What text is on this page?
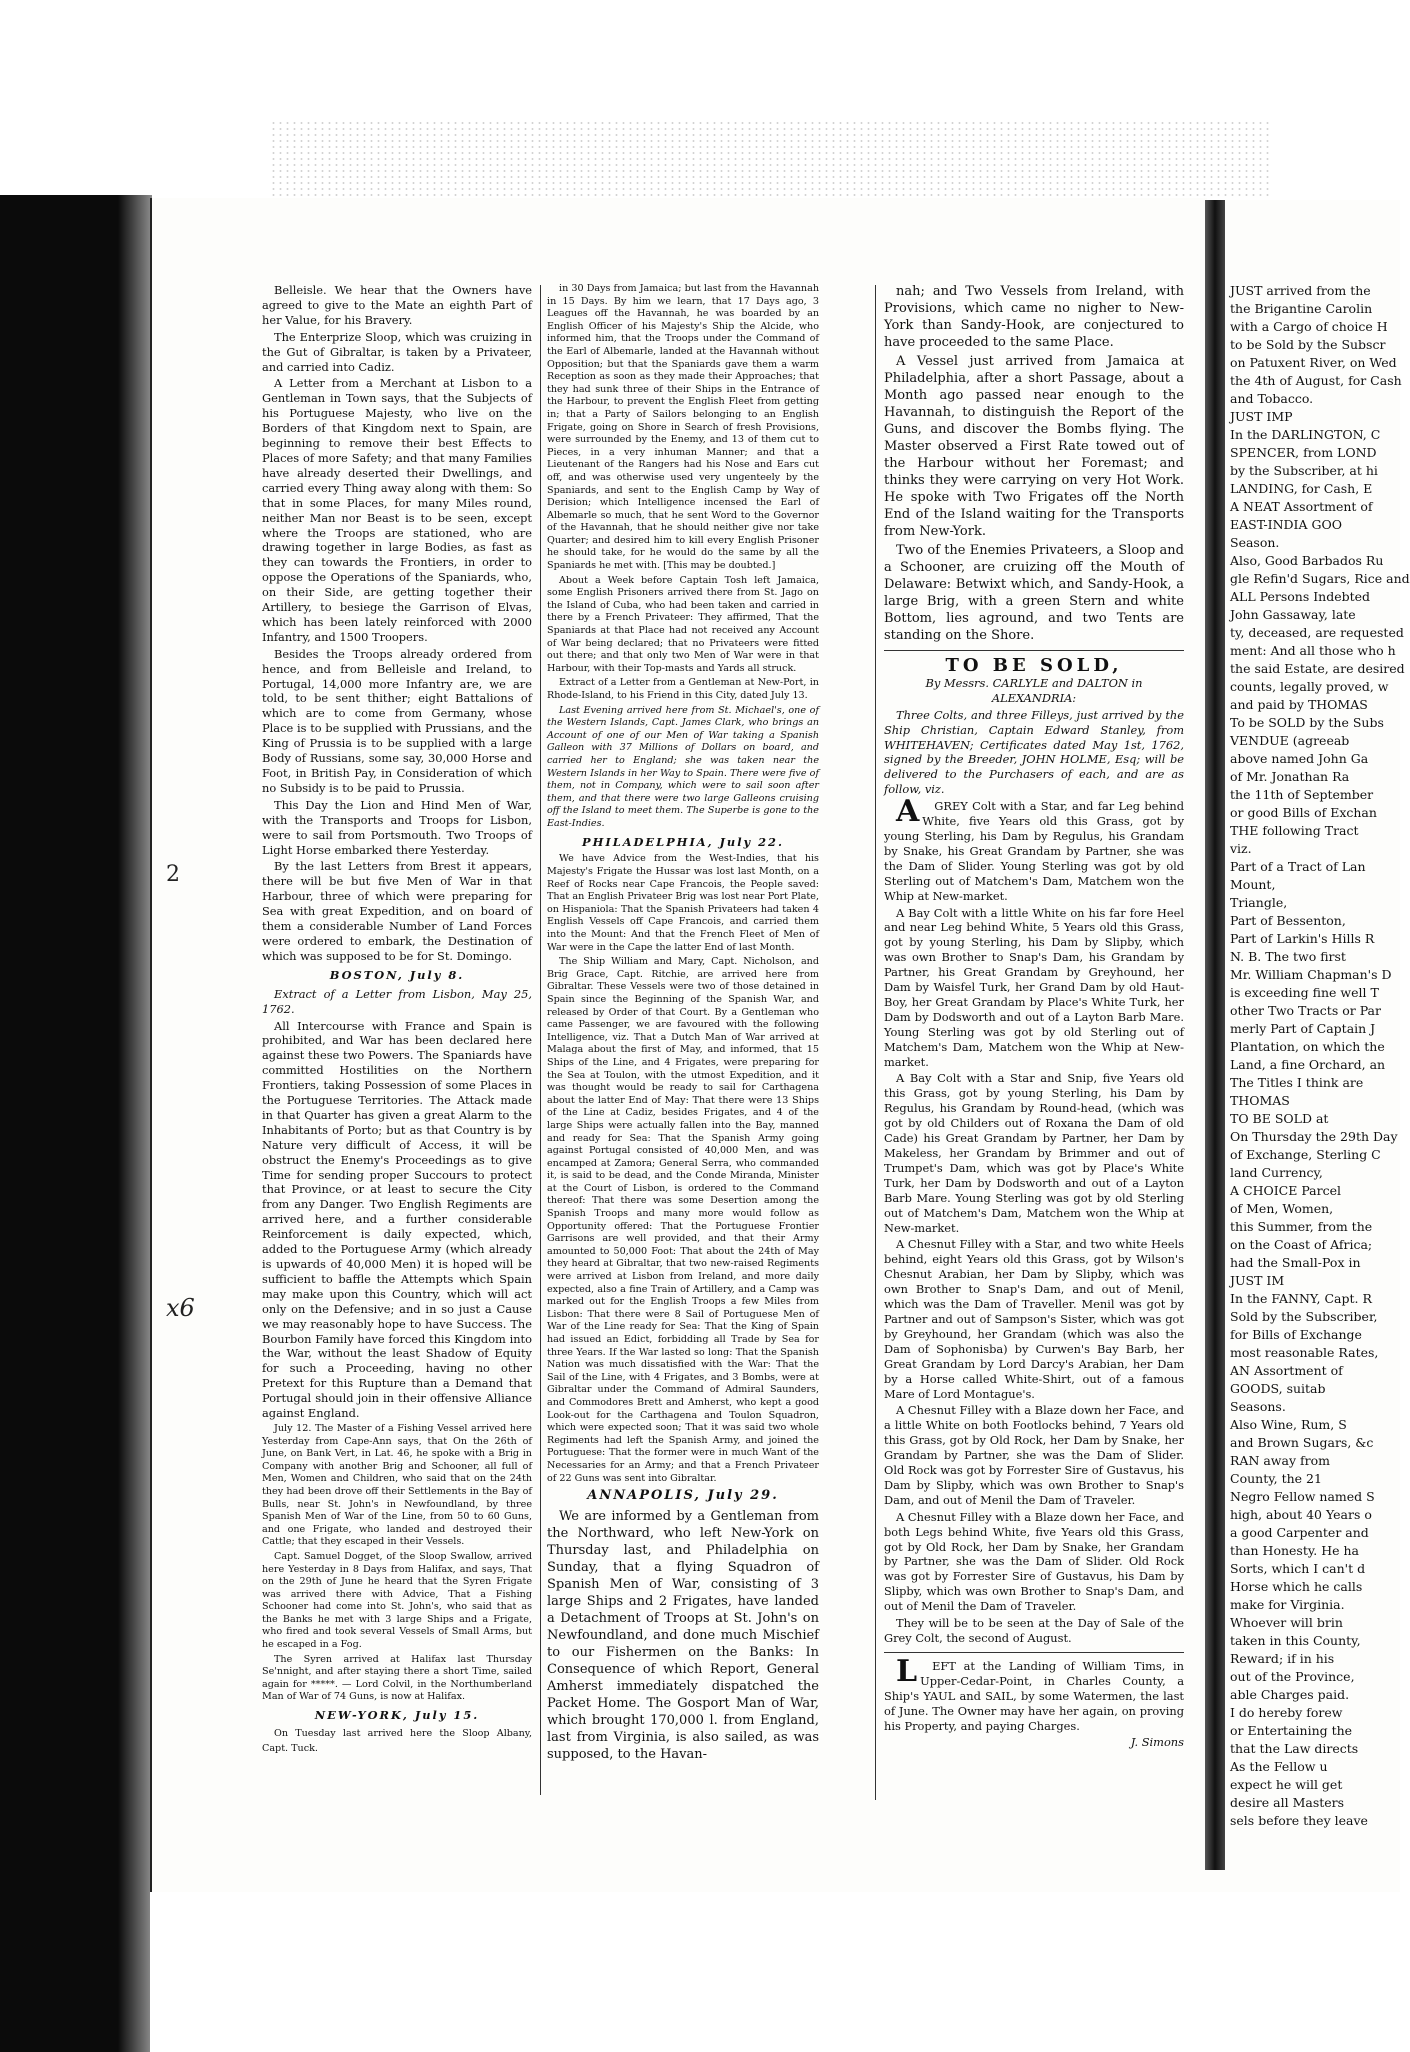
2
x6

Belleisle. We hear that the Owners have agreed to give to the Mate an eighth Part of her Value, for his Bravery.

The Enterprize Sloop, which was cruizing in the Gut of Gibraltar, is taken by a Privateer, and carried into Cadiz.

A Letter from a Merchant at Lisbon to a Gentleman in Town says, that the Subjects of his Portuguese Majesty, who live on the Borders of that Kingdom next to Spain, are beginning to remove their best Effects to Places of more Safety; and that many Families have already deserted their Dwellings, and carried every Thing away along with them: So that in some Places, for many Miles round, neither Man nor Beast is to be seen, except where the Troops are stationed, who are drawing together in large Bodies, as fast as they can towards the Frontiers, in order to oppose the Operations of the Spaniards, who, on their Side, are getting together their Artillery, to besiege the Garrison of Elvas, which has been lately reinforced with 2000 Infantry, and 1500 Troopers.

Besides the Troops already ordered from hence, and from Belleisle and Ireland, to Portugal, 14,000 more Infantry are, we are told, to be sent thither; eight Battalions of which are to come from Germany, whose Place is to be supplied with Prussians, and the King of Prussia is to be supplied with a large Body of Russians, some say, 30,000 Horse and Foot, in British Pay, in Consideration of which no Subsidy is to be paid to Prussia.

This Day the Lion and Hind Men of War, with the Transports and Troops for Lisbon, were to sail from Portsmouth. Two Troops of Light Horse embarked there Yesterday.

By the last Letters from Brest it appears, there will be but five Men of War in that Harbour, three of which were preparing for Sea with great Expedition, and on board of them a considerable Number of Land Forces were ordered to embark, the Destination of which was supposed to be for St. Domingo.

BOSTON, July 8.

Extract of a Letter from Lisbon, May 25, 1762.

All Intercourse with France and Spain is prohibited, and War has been declared here against these two Powers. The Spaniards have committed Hostilities on the Northern Frontiers, taking Possession of some Places in the Portuguese Territories. The Attack made in that Quarter has given a great Alarm to the Inhabitants of Porto; but as that Country is by Nature very difficult of Access, it will be obstruct the Enemy's Proceedings as to give Time for sending proper Succours to protect that Province, or at least to secure the City from any Danger. Two English Regiments are arrived here, and a further considerable Reinforcement is daily expected, which, added to the Portuguese Army (which already is upwards of 40,000 Men) it is hoped will be sufficient to baffle the Attempts which Spain may make upon this Country, which will act only on the Defensive; and in so just a Cause we may reasonably hope to have Success. The Bourbon Family have forced this Kingdom into the War, without the least Shadow of Equity for such a Proceeding, having no other Pretext for this Rupture than a Demand that Portugal should join in their offensive Alliance against England.

July 12. The Master of a Fishing Vessel arrived here Yesterday from Cape-Ann says, that On the 26th of June, on Bank Vert, in Lat. 46, he spoke with a Brig in Company with another Brig and Schooner, all full of Men, Women and Children, who said that on the 24th they had been drove off their Settlements in the Bay of Bulls, near St. John's in Newfoundland, by three Spanish Men of War of the Line, from 50 to 60 Guns, and one Frigate, who landed and destroyed their Cattle; that they escaped in their Vessels.

Capt. Samuel Dogget, of the Sloop Swallow, arrived here Yesterday in 8 Days from Halifax, and says, That on the 29th of June he heard that the Syren Frigate was arrived there with Advice, That a Fishing Schooner had come into St. John's, who said that as the Banks he met with 3 large Ships and a Frigate, who fired and took several Vessels of Small Arms, but he escaped in a Fog.

The Syren arrived at Halifax last Thursday Se'nnight, and after staying there a short Time, sailed again for *****. — Lord Colvil, in the Northumberland Man of War of 74 Guns, is now at Halifax.

NEW-YORK, July 15.

On Tuesday last arrived here the Sloop Albany, Capt. Tuck.

in 30 Days from Jamaica; but last from the Havannah in 15 Days. By him we learn, that 17 Days ago, 3 Leagues off the Havannah, he was boarded by an English Officer of his Majesty's Ship the Alcide, who informed him, that the Troops under the Command of the Earl of Albemarle, landed at the Havannah without Opposition; but that the Spaniards gave them a warm Reception as soon as they made their Approaches; that they had sunk three of their Ships in the Entrance of the Harbour, to prevent the English Fleet from getting in; that a Party of Sailors belonging to an English Frigate, going on Shore in Search of fresh Provisions, were surrounded by the Enemy, and 13 of them cut to Pieces, in a very inhuman Manner; and that a Lieutenant of the Rangers had his Nose and Ears cut off, and was otherwise used very ungenteely by the Spaniards, and sent to the English Camp by Way of Derision; which Intelligence incensed the Earl of Albemarle so much, that he sent Word to the Governor of the Havannah, that he should neither give nor take Quarter; and desired him to kill every English Prisoner he should take, for he would do the same by all the Spaniards he met with. [This may be doubted.]

About a Week before Captain Tosh left Jamaica, some English Prisoners arrived there from St. Jago on the Island of Cuba, who had been taken and carried in there by a French Privateer: They affirmed, That the Spaniards at that Place had not received any Account of War being declared; that no Privateers were fitted out there; and that only two Men of War were in that Harbour, with their Top-masts and Yards all struck.

Extract of a Letter from a Gentleman at New-Port, in Rhode-Island, to his Friend in this City, dated July 13.

Last Evening arrived here from St. Michael's, one of the Western Islands, Capt. James Clark, who brings an Account of one of our Men of War taking a Spanish Galleon with 37 Millions of Dollars on board, and carried her to England; she was taken near the Western Islands in her Way to Spain. There were five of them, not in Company, which were to sail soon after them, and that there were two large Galleons cruising off the Island to meet them. The Superbe is gone to the East-Indies.

PHILADELPHIA, July 22.

We have Advice from the West-Indies, that his Majesty's Frigate the Hussar was lost last Month, on a Reef of Rocks near Cape Francois, the People saved: That an English Privateer Brig was lost near Port Plate, on Hispaniola: That the Spanish Privateers had taken 4 English Vessels off Cape Francois, and carried them into the Mount: And that the French Fleet of Men of War were in the Cape the latter End of last Month.

The Ship William and Mary, Capt. Nicholson, and Brig Grace, Capt. Ritchie, are arrived here from Gibraltar. These Vessels were two of those detained in Spain since the Beginning of the Spanish War, and released by Order of that Court. By a Gentleman who came Passenger, we are favoured with the following Intelligence, viz. That a Dutch Man of War arrived at Malaga about the first of May, and informed, that 15 Ships of the Line, and 4 Frigates, were preparing for the Sea at Toulon, with the utmost Expedition, and it was thought would be ready to sail for Carthagena about the latter End of May: That there were 13 Ships of the Line at Cadiz, besides Frigates, and 4 of the large Ships were actually fallen into the Bay, manned and ready for Sea: That the Spanish Army going against Portugal consisted of 40,000 Men, and was encamped at Zamora; General Serra, who commanded it, is said to be dead, and the Conde Miranda, Minister at the Court of Lisbon, is ordered to the Command thereof: That there was some Desertion among the Spanish Troops and many more would follow as Opportunity offered: That the Portuguese Frontier Garrisons are well provided, and that their Army amounted to 50,000 Foot: That about the 24th of May they heard at Gibraltar, that two new-raised Regiments were arrived at Lisbon from Ireland, and more daily expected, also a fine Train of Artillery, and a Camp was marked out for the English Troops a few Miles from Lisbon: That there were 8 Sail of Portuguese Men of War of the Line ready for Sea: That the King of Spain had issued an Edict, forbidding all Trade by Sea for three Years. If the War lasted so long: That the Spanish Nation was much dissatisfied with the War: That the Sail of the Line, with 4 Frigates, and 3 Bombs, were at Gibraltar under the Command of Admiral Saunders, and Commodores Brett and Amherst, who kept a good Look-out for the Carthagena and Toulon Squadron, which were expected soon; That it was said two whole Regiments had left the Spanish Army, and joined the Portuguese: That the former were in much Want of the Necessaries for an Army; and that a French Privateer of 22 Guns was sent into Gibraltar.

ANNAPOLIS, July 29.

We are informed by a Gentleman from the Northward, who left New-York on Thursday last, and Philadelphia on Sunday, that a flying Squadron of Spanish Men of War, consisting of 3 large Ships and 2 Frigates, have landed a Detachment of Troops at St. John's on Newfoundland, and done much Mischief to our Fishermen on the Banks: In Consequence of which Report, General Amherst immediately dispatched the Packet Home. The Gosport Man of War, which brought 170,000 l. from England, last from Virginia, is also sailed, as was supposed, to the Havan-

nah; and Two Vessels from Ireland, with Provisions, which came no nigher to New-York than Sandy-Hook, are conjectured to have proceeded to the same Place.

A Vessel just arrived from Jamaica at Philadelphia, after a short Passage, about a Month ago passed near enough to the Havannah, to distinguish the Report of the Guns, and discover the Bombs flying. The Master observed a First Rate towed out of the Harbour without her Foremast; and thinks they were carrying on very Hot Work. He spoke with Two Frigates off the North End of the Island waiting for the Transports from New-York.

Two of the Enemies Privateers, a Sloop and a Schooner, are cruizing off the Mouth of Delaware: Betwixt which, and Sandy-Hook, a large Brig, with a green Stern and white Bottom, lies aground, and two Tents are standing on the Shore.

TO BE SOLD,

By Messrs. CARLYLE and DALTON in ALEXANDRIA:

Three Colts, and three Filleys, just arrived by the Ship Christian, Captain Edward Stanley, from WHITEHAVEN; Certificates dated May 1st, 1762, signed by the Breeder, JOHN HOLME, Esq; will be delivered to the Purchasers of each, and are as follow, viz.

AGREY Colt with a Star, and far Leg behind White, five Years old this Grass, got by young Sterling, his Dam by Regulus, his Grandam by Snake, his Great Grandam by Partner, she was the Dam of Slider. Young Sterling was got by old Sterling out of Matchem's Dam, Matchem won the Whip at New-market.

A Bay Colt with a little White on his far fore Heel and near Leg behind White, 5 Years old this Grass, got by young Sterling, his Dam by Slipby, which was own Brother to Snap's Dam, his Grandam by Partner, his Great Grandam by Greyhound, her Dam by Waisfel Turk, her Grand Dam by old Haut-Boy, her Great Grandam by Place's White Turk, her Dam by Dodsworth and out of a Layton Barb Mare. Young Sterling was got by old Sterling out of Matchem's Dam, Matchem won the Whip at New-market.

A Bay Colt with a Star and Snip, five Years old this Grass, got by young Sterling, his Dam by Regulus, his Grandam by Round-head, (which was got by old Childers out of Roxana the Dam of old Cade) his Great Grandam by Partner, her Dam by Makeless, her Grandam by Brimmer and out of Trumpet's Dam, which was got by Place's White Turk, her Dam by Dodsworth and out of a Layton Barb Mare. Young Sterling was got by old Sterling out of Matchem's Dam, Matchem won the Whip at New-market.

A Chesnut Filley with a Star, and two white Heels behind, eight Years old this Grass, got by Wilson's Chesnut Arabian, her Dam by Slipby, which was own Brother to Snap's Dam, and out of Menil, which was the Dam of Traveller. Menil was got by Partner and out of Sampson's Sister, which was got by Greyhound, her Grandam (which was also the Dam of Sophonisba) by Curwen's Bay Barb, her Great Grandam by Lord Darcy's Arabian, her Dam by a Horse called White-Shirt, out of a famous Mare of Lord Montague's.

A Chesnut Filley with a Blaze down her Face, and a little White on both Footlocks behind, 7 Years old this Grass, got by Old Rock, her Dam by Snake, her Grandam by Partner, she was the Dam of Slider. Old Rock was got by Forrester Sire of Gustavus, his Dam by Slipby, which was own Brother to Snap's Dam, and out of Menil the Dam of Traveler.

A Chesnut Filley with a Blaze down her Face, and both Legs behind White, five Years old this Grass, got by Old Rock, her Dam by Snake, her Grandam by Partner, she was the Dam of Slider. Old Rock was got by Forrester Sire of Gustavus, his Dam by Slipby, which was own Brother to Snap's Dam, and out of Menil the Dam of Traveler.

They will be to be seen at the Day of Sale of the Grey Colt, the second of August.

LEFT at the Landing of William Tims, in Upper-Cedar-Point, in Charles County, a Ship's YAUL and SAIL, by some Watermen, the last of June. The Owner may have her again, on proving his Property, and paying Charges.

J. Simons

JUST arrived from the

the Brigantine Carolin

with a Cargo of choice H

to be Sold by the Subscr

on Patuxent River, on Wed

the 4th of August, for Cash

and Tobacco.

JUST IMP

In the DARLINGTON, C

SPENCER, from LOND

by the Subscriber, at hi

LANDING, for Cash, E

A NEAT Assortment of

EAST-INDIA GOO

Season.

Also, Good Barbados Ru

gle Refin'd Sugars, Rice and

ALL Persons Indebted

John Gassaway, late

ty, deceased, are requested

ment: And all those who h

the said Estate, are desired

counts, legally proved, w

and paid by THOMAS

To be SOLD by the Subs

VENDUE (agreeab

above named John Ga

of Mr. Jonathan Ra

the 11th of September

or good Bills of Exchan

THE following Tract

viz.

Part of a Tract of Lan

Mount,

Triangle,

Part of Bessenton,

Part of Larkin's Hills R

N. B. The two first

Mr. William Chapman's D

is exceeding fine well T

other Two Tracts or Par

merly Part of Captain J

Plantation, on which the

Land, a fine Orchard, an

The Titles I think are

THOMAS

TO BE SOLD at

On Thursday the 29th Day

of Exchange, Sterling C

land Currency,

A CHOICE Parcel

of Men, Women,

this Summer, from the

on the Coast of Africa;

had the Small-Pox in

JUST IM

In the FANNY, Capt. R

Sold by the Subscriber,

for Bills of Exchange

most reasonable Rates,

AN Assortment of

GOODS, suitab

Seasons.

Also Wine, Rum, S

and Brown Sugars, &c

RAN away from

County, the 21

Negro Fellow named S

high, about 40 Years o

a good Carpenter and

than Honesty. He ha

Sorts, which I can't d

Horse which he calls

make for Virginia.

Whoever will brin

taken in this County,

Reward; if in his

out of the Province,

able Charges paid.

I do hereby forew

or Entertaining the

that the Law directs

As the Fellow u

expect he will get

desire all Masters

sels before they leave
